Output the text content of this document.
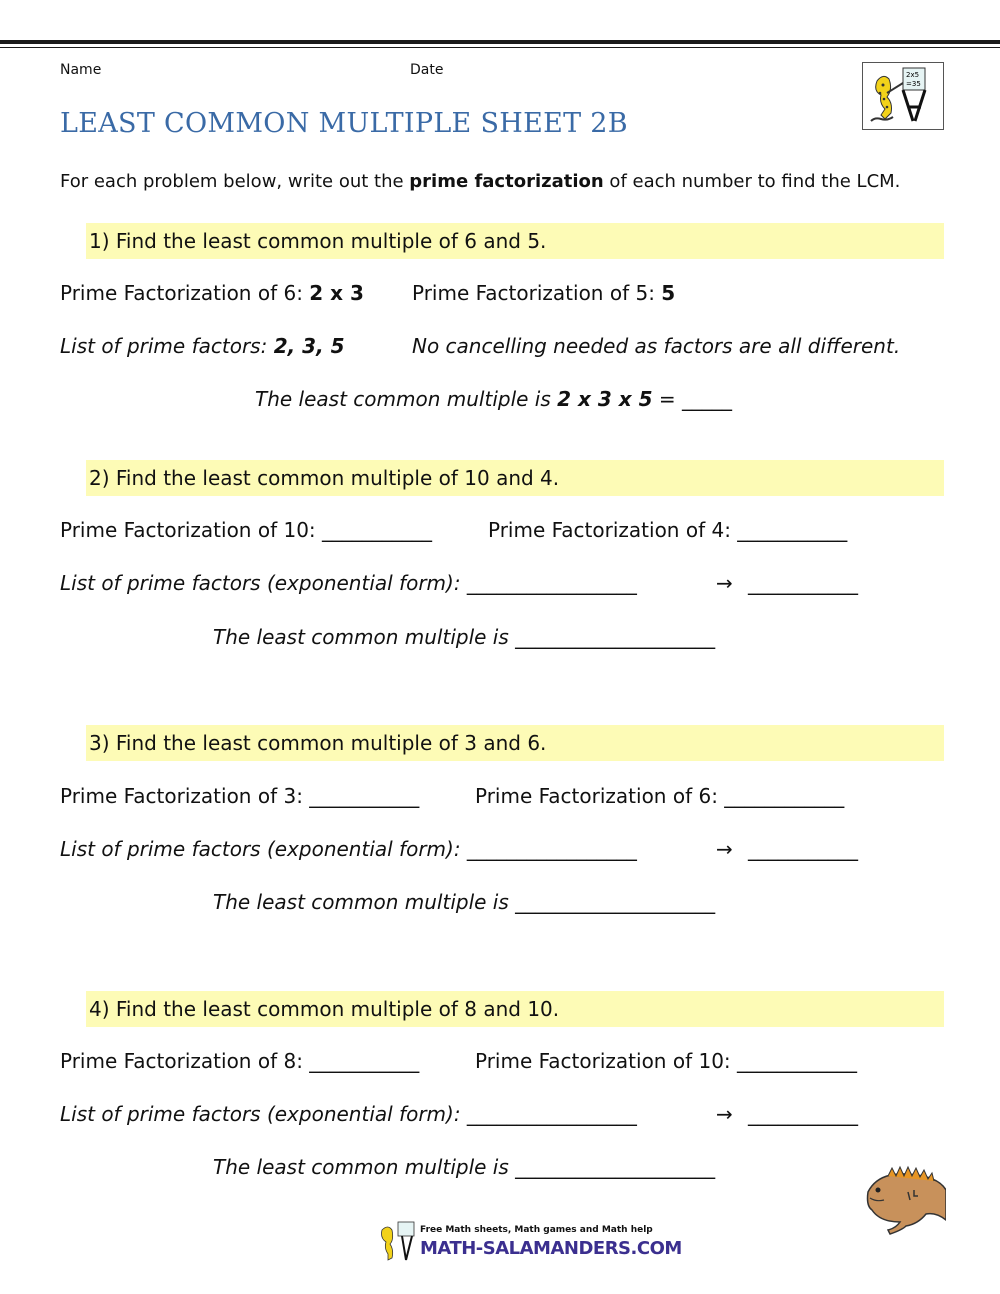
Name	Date	2x5
=35
LEAST COMMON MULTIPLE SHEET 2B
For each problem below, write out the prime factorization of each number to find the LCM.
1) Find the least common multiple of 6 and 5.
Prime Factorization of 6: 2 x 3 Prime Factorization of 5: 5
List of prime factors: 2, 3, 5	No cancelling needed as factors are all different.
The least common multiple is 2 x 3 x 5 = _____
2) Find the least common multiple of 10 and 4.
Prime Factorization of 10: ___________	Prime Factorization of 4: ___________
List of prime factors (exponential form): _________________	→ ___________
The least common multiple is ____________________
3) Find the least common multiple of 3 and 6.
Prime Factorization of 3: ___________	Prime Factorization of 6: ____________
List of prime factors (exponential form): _________________	→ ___________
The least common multiple is ____________________
4) Find the least common multiple of 8 and 10.
Prime Factorization of 8: ___________	Prime Factorization of 10: ____________
List of prime factors (exponential form): _________________	→ ___________
The least common multiple is ____________________
Free Math sheets, Math games and Math help
MATH-SALAMANDERS.COM
